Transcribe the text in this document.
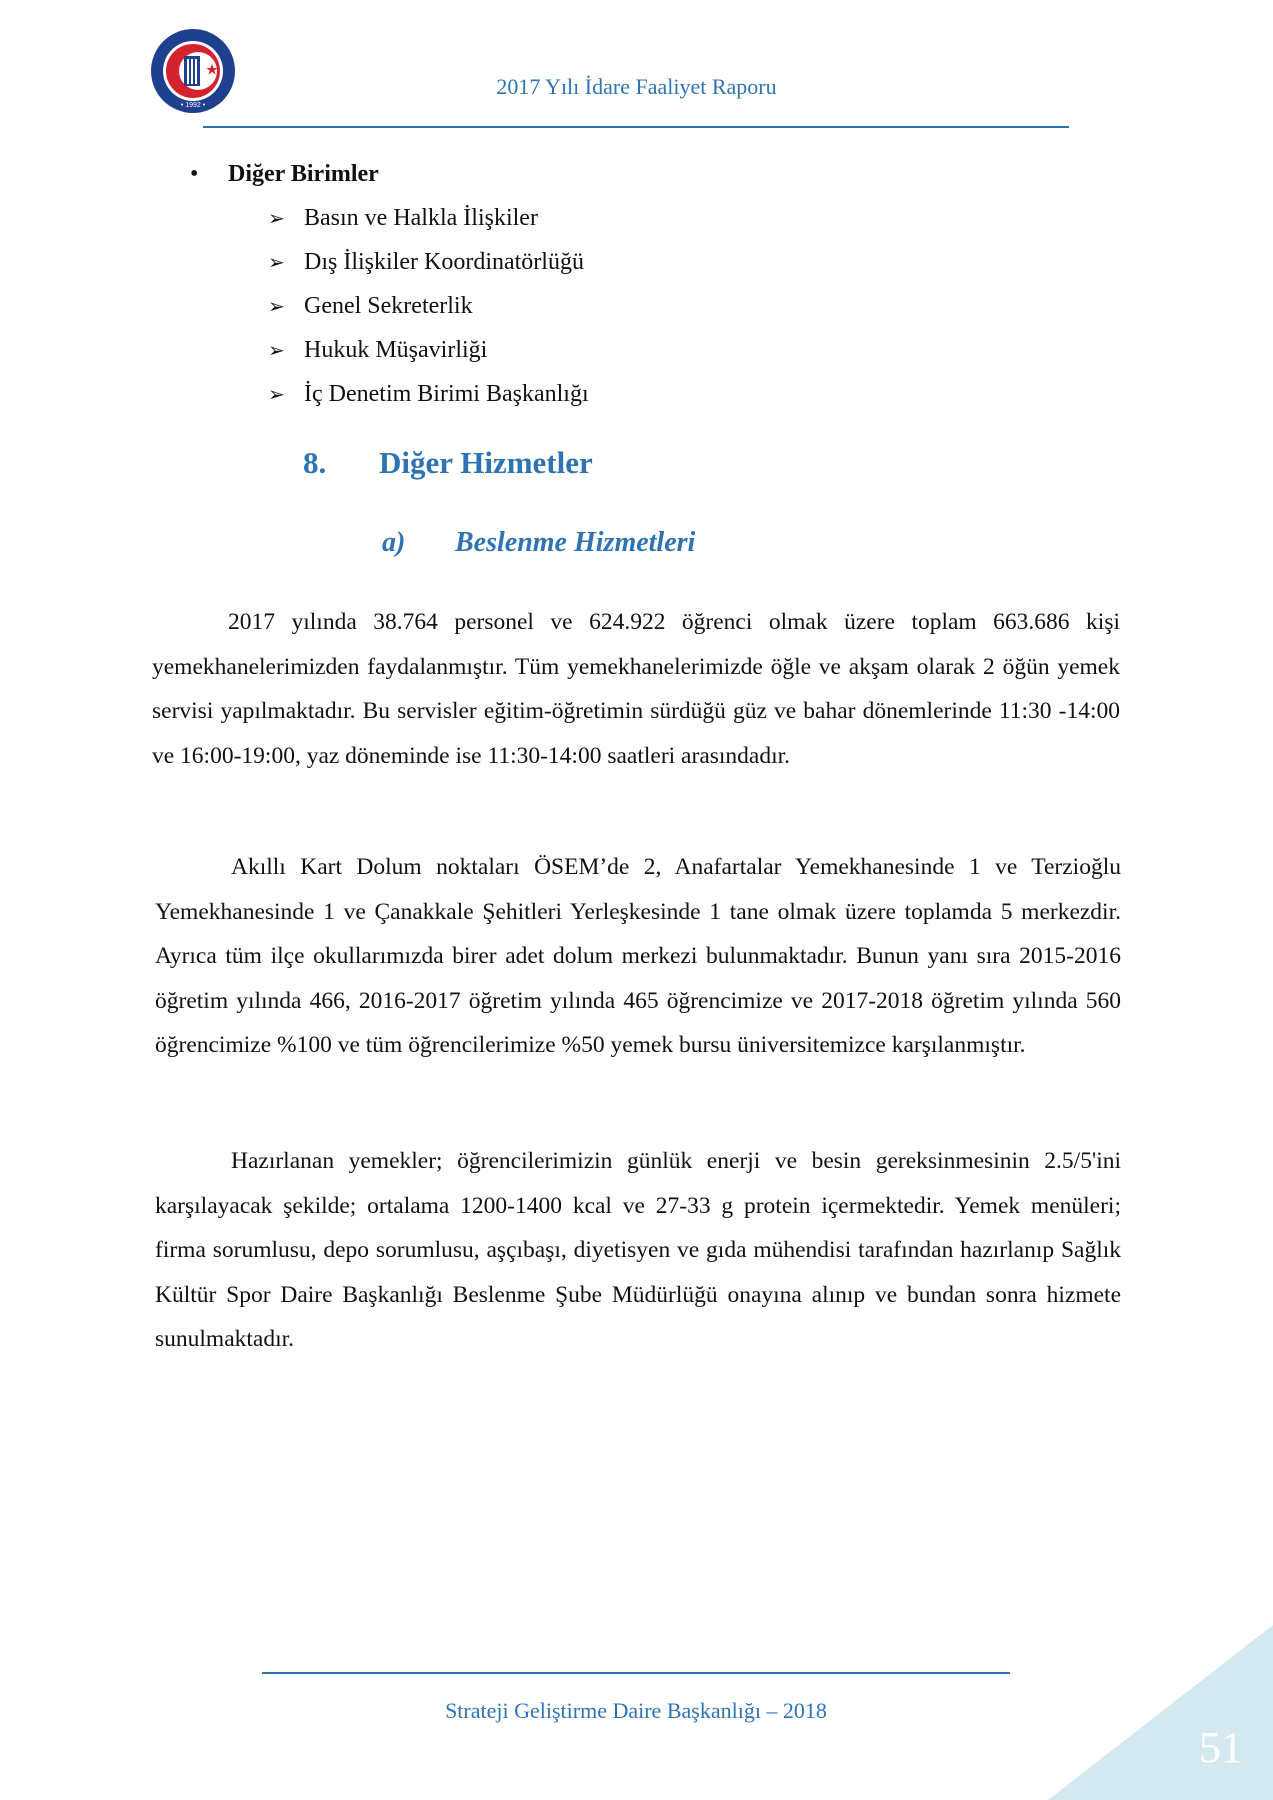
• 1992 •
2017 Yılı İdare Faaliyet Raporu
• Diğer Birimler
➢ Basın ve Halkla İlişkiler
➢ Dış İlişkiler Koordinatörlüğü
➢ Genel Sekreterlik
➢ Hukuk Müşavirliği
➢ İç Denetim Birimi Başkanlığı
8. Diğer Hizmetler
a) Beslenme Hizmetleri

2017 yılında 38.764 personel ve 624.922 öğrenci olmak üzere toplam 663.686 kişi yemekhanelerimizden faydalanmıştır. Tüm yemekhanelerimizde öğle ve akşam olarak 2 öğün yemek servisi yapılmaktadır. Bu servisler eğitim-öğretimin sürdüğü güz ve bahar dönemlerinde 11:30 -14:00 ve 16:00-19:00, yaz döneminde ise 11:30-14:00 saatleri arasındadır.

Akıllı Kart Dolum noktaları ÖSEM’de 2, Anafartalar Yemekhanesinde 1 ve Terzioğlu Yemekhanesinde 1 ve Çanakkale Şehitleri Yerleşkesinde 1 tane olmak üzere toplamda 5 merkezdir. Ayrıca tüm ilçe okullarımızda birer adet dolum merkezi bulunmaktadır. Bunun yanı sıra 2015-2016 öğretim yılında 466, 2016-2017 öğretim yılında 465 öğrencimize ve 2017-2018 öğretim yılında 560 öğrencimize %100 ve tüm öğrencilerimize %50 yemek bursu üniversitemizce karşılanmıştır.

Hazırlanan yemekler; öğrencilerimizin günlük enerji ve besin gereksinmesinin 2.5/5'ini karşılayacak şekilde; ortalama 1200-1400 kcal ve 27-33 g protein içermektedir. Yemek menüleri; firma sorumlusu, depo sorumlusu, aşçıbaşı, diyetisyen ve gıda mühendisi tarafından hazırlanıp Sağlık Kültür Spor Daire Başkanlığı Beslenme Şube Müdürlüğü onayına alınıp ve bundan sonra hizmete sunulmaktadır.

Strateji Geliştirme Daire Başkanlığı – 2018
51
